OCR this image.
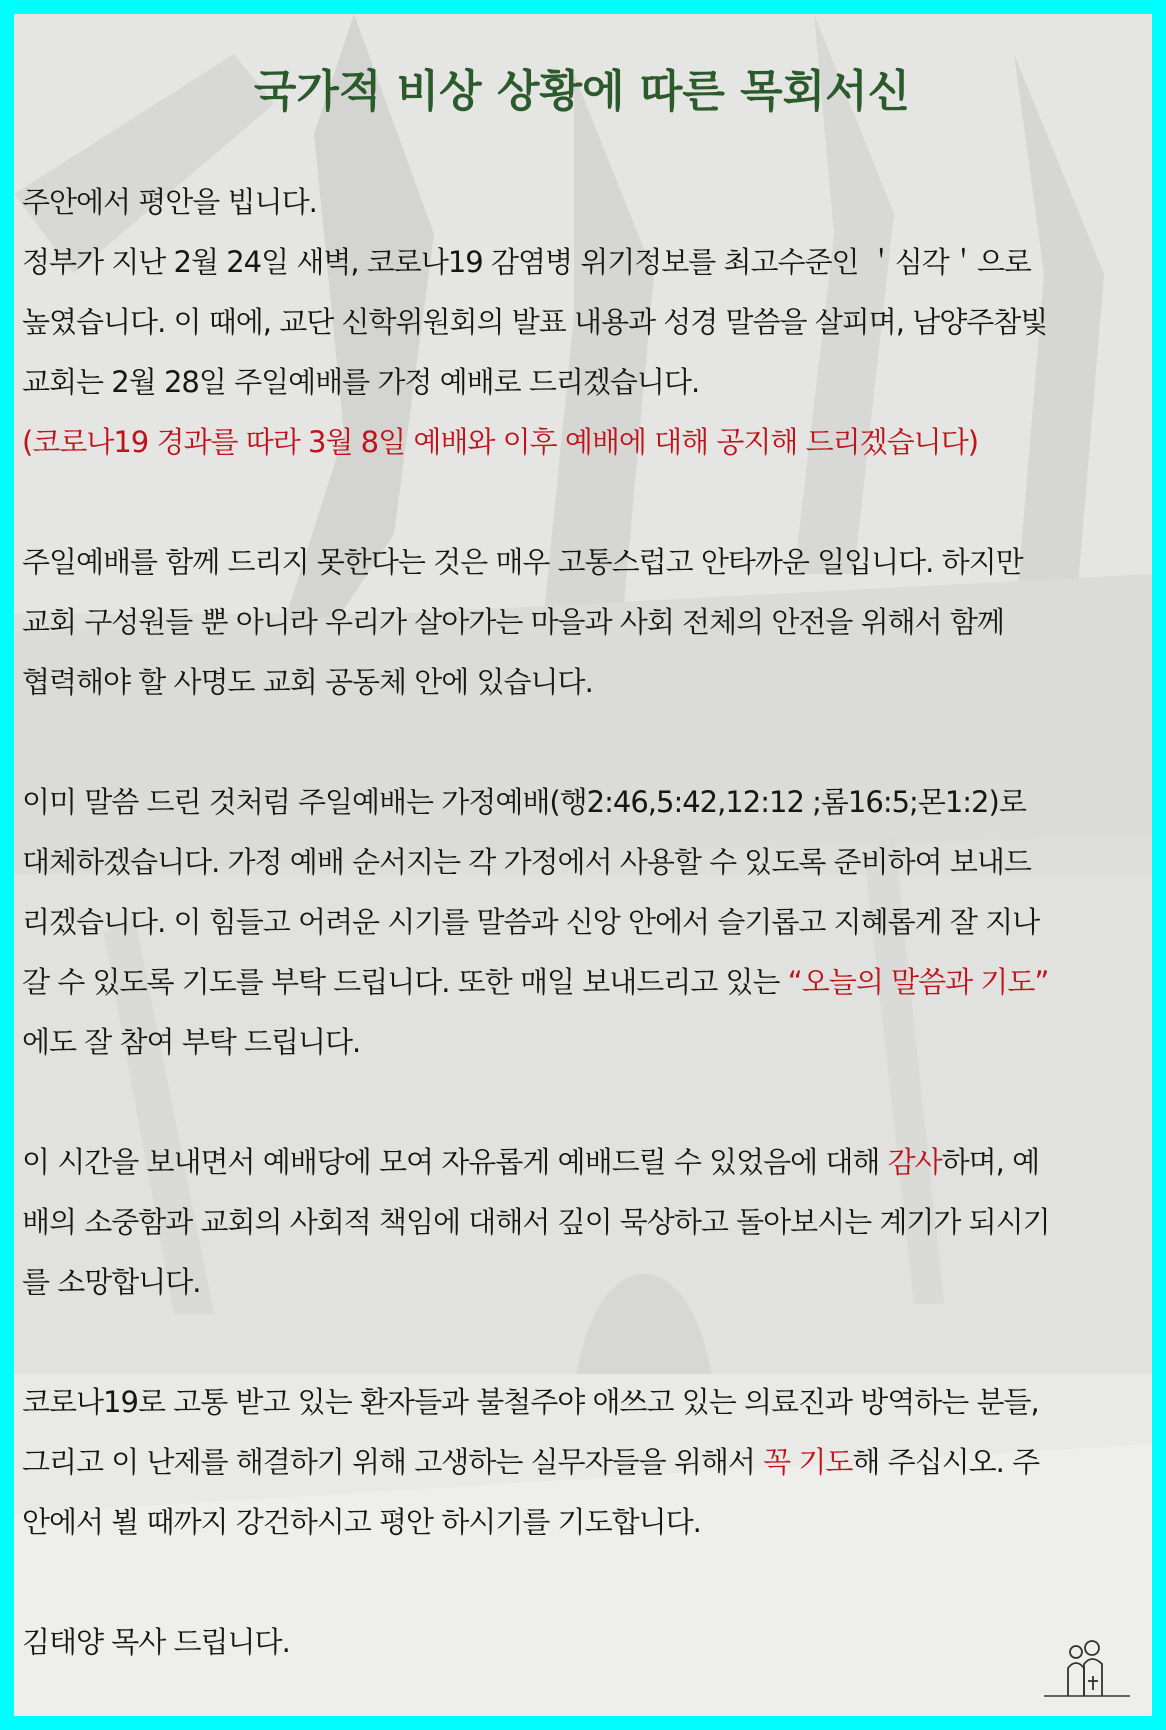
국가적 비상 상황에 따른 목회서신
주안에서 평안을 빕니다.
정부가 지난 2월 24일 새벽, 코로나19 감염병 위기정보를 최고수준인 ＇심각＇으로
높였습니다. 이 때에, 교단 신학위원회의 발표 내용과 성경 말씀을 살피며, 남양주참빛
교회는 2월 28일 주일예배를 가정 예배로 드리겠습니다.
(코로나19 경과를 따라 3월 8일 예배와 이후 예배에 대해 공지해 드리겠습니다)
주일예배를 함께 드리지 못한다는 것은 매우 고통스럽고 안타까운 일입니다. 하지만
교회 구성원들 뿐 아니라 우리가 살아가는 마을과 사회 전체의 안전을 위해서 함께
협력해야 할 사명도 교회 공동체 안에 있습니다.
이미 말씀 드린 것처럼 주일예배는 가정예배(행2:46,5:42,12:12 ;롬16:5;몬1:2)로
대체하겠습니다. 가정 예배 순서지는 각 가정에서 사용할 수 있도록 준비하여 보내드
리겠습니다. 이 힘들고 어려운 시기를 말씀과 신앙 안에서 슬기롭고 지혜롭게 잘 지나
갈 수 있도록 기도를 부탁 드립니다. 또한 매일 보내드리고 있는 “오늘의 말씀과 기도”
에도 잘 참여 부탁 드립니다.
이 시간을 보내면서 예배당에 모여 자유롭게 예배드릴 수 있었음에 대해 감사하며, 예
배의 소중함과 교회의 사회적 책임에 대해서 깊이 묵상하고 돌아보시는 계기가 되시기
를 소망합니다.
코로나19로 고통 받고 있는 환자들과 불철주야 애쓰고 있는 의료진과 방역하는 분들,
그리고 이 난제를 해결하기 위해 고생하는 실무자들을 위해서 꼭 기도해 주십시오. 주
안에서 뵐 때까지 강건하시고 평안 하시기를 기도합니다.
김태양 목사 드립니다.
